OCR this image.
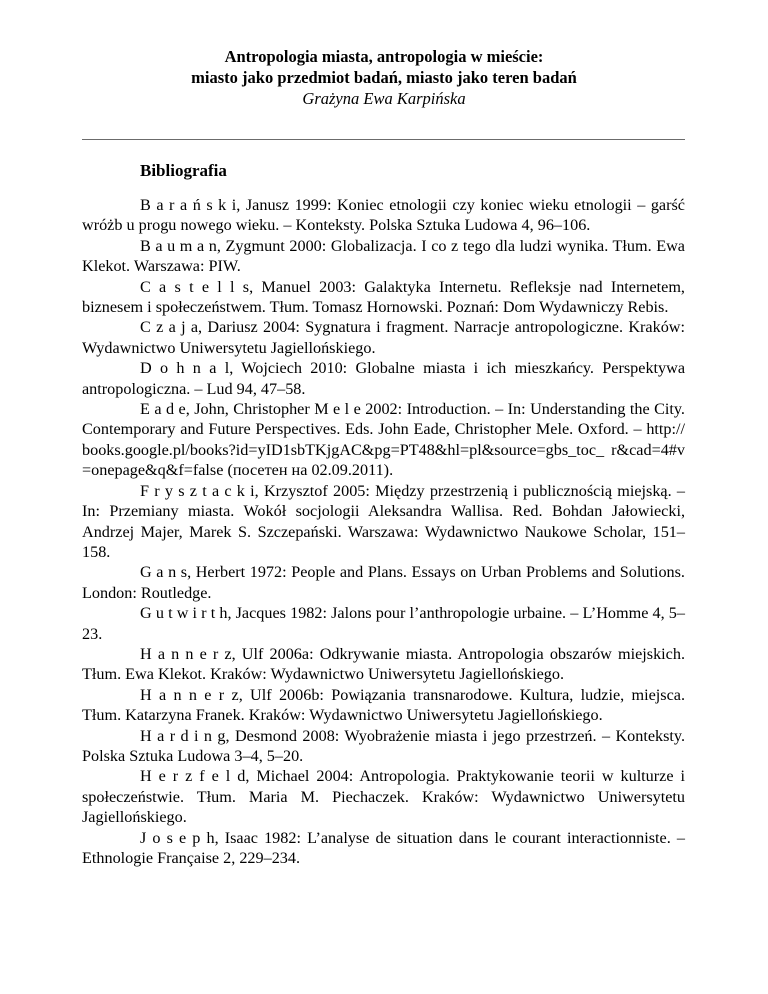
Antropologia miasta, antropologia w mieście:
miasto jako przedmiot badań, miasto jako teren badań
Grażyna Ewa Karpińska
Bibliografia

B a r a ń s k i, Janusz 1999: Koniec etnologii czy koniec wieku etnologii – garść wróżb u progu nowego wieku. – Konteksty. Polska Sztuka Ludowa 4, 96–106.

B a u m a n, Zygmunt 2000: Globalizacja. I co z tego dla ludzi wynika. Tłum. Ewa Klekot. Warszawa: PIW.

C a s t e l l s, Manuel 2003: Galaktyka Internetu. Refleksje nad Internetem, biznesem i społeczeństwem. Tłum. Tomasz Hornowski. Poznań: Dom Wydawniczy Rebis.

C z a j a, Dariusz 2004: Sygnatura i fragment. Narracje antropologiczne. Kraków: Wydawnictwo Uniwersytetu Jagiellońskiego.

D o h n a l, Wojciech 2010: Globalne miasta i ich mieszkańcy. Perspektywa antropologiczna. – Lud 94, 47–58.

E a d e, John, Christopher M e l e 2002: Introduction. – In: Understanding the City. Contemporary and Future Perspectives. Eds. John Eade, Christopher Mele. Oxford. – http://books.google.pl/books?id=yID1sbTKjgAC&pg=PT48&hl=pl&source=gbs_toc_ r&cad=4#v=onepage&q&f=false (посетен на 02.09.2011).

F r y s z t a c k i, Krzysztof 2005: Między przestrzenią i publicznością miejską. – In: Przemiany miasta. Wokół socjologii Aleksandra Wallisa. Red. Bohdan Jałowiecki, Andrzej Majer, Marek S. Szczepański. Warszawa: Wydawnictwo Naukowe Scholar, 151–158.

G a n s, Herbert 1972: People and Plans. Essays on Urban Problems and Solutions. London: Routledge.

G u t w i r t h, Jacques 1982: Jalons pour l’anthropologie urbaine. – L’Homme 4, 5–23.

H a n n e r z, Ulf 2006a: Odkrywanie miasta. Antropologia obszarów miejskich. Tłum. Ewa Klekot. Kraków: Wydawnictwo Uniwersytetu Jagiellońskiego.

H a n n e r z, Ulf 2006b: Powiązania transnarodowe. Kultura, ludzie, miejsca. Tłum. Katarzyna Franek. Kraków: Wydawnictwo Uniwersytetu Jagiellońskiego.

H a r d i n g, Desmond 2008: Wyobrażenie miasta i jego przestrzeń. – Konteksty. Polska Sztuka Ludowa 3–4, 5–20.

H e r z f e l d, Michael 2004: Antropologia. Praktykowanie teorii w kulturze i społeczeństwie. Tłum. Maria M. Piechaczek. Kraków: Wydawnictwo Uniwersytetu Jagiellońskiego.

J o s e p h, Isaac 1982: L’analyse de situation dans le courant interactionniste. – Ethnologie Française 2, 229–234.
